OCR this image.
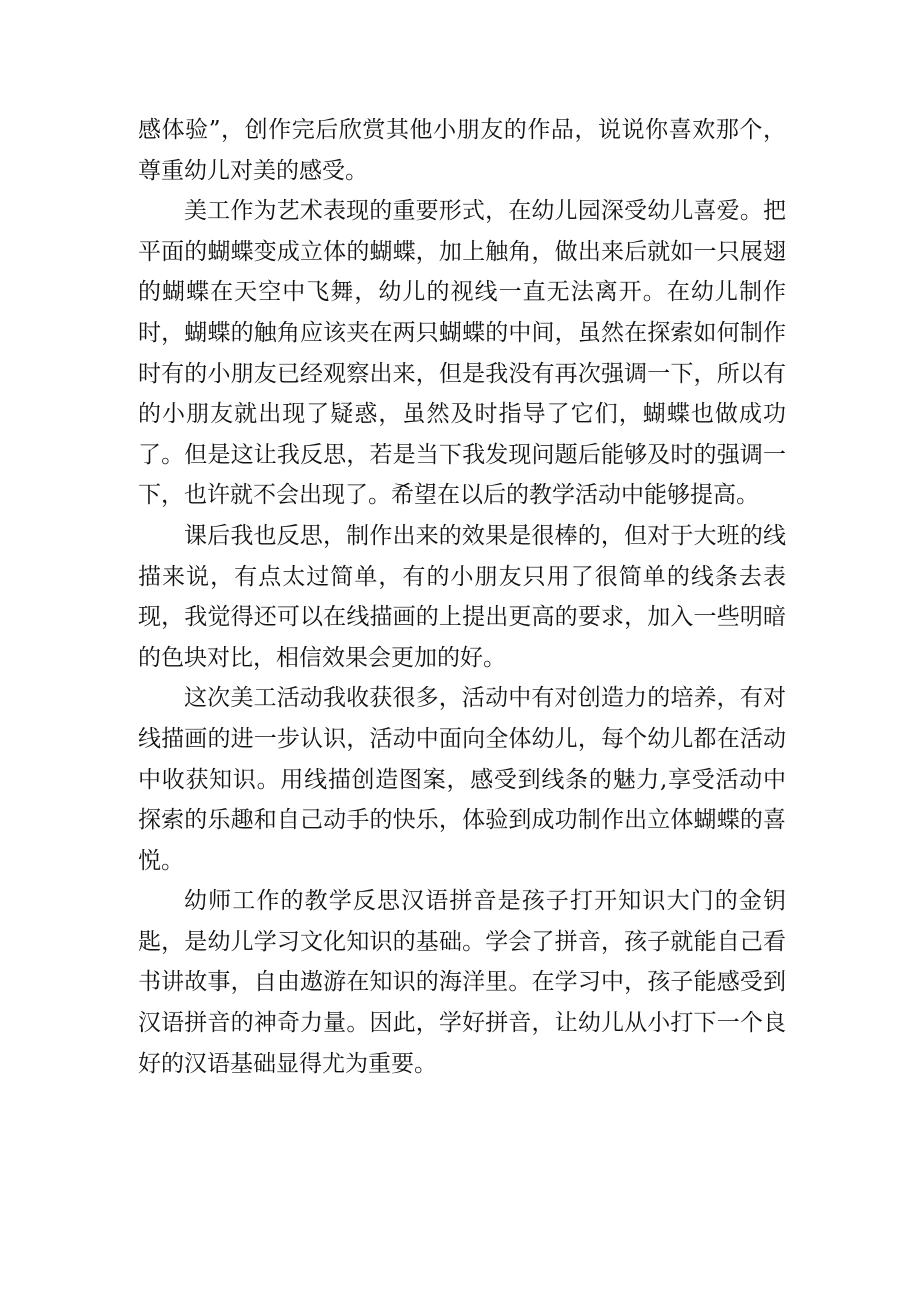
感体验”，创作完后欣赏其他小朋友的作品，说说你喜欢那个，尊重幼儿对美的感受。

美工作为艺术表现的重要形式，在幼儿园深受幼儿喜爱。把平面的蝴蝶变成立体的蝴蝶，加上触角，做出来后就如一只展翅的蝴蝶在天空中飞舞，幼儿的视线一直无法离开。在幼儿制作时，蝴蝶的触角应该夹在两只蝴蝶的中间，虽然在探索如何制作时有的小朋友已经观察出来，但是我没有再次强调一下，所以有的小朋友就出现了疑惑，虽然及时指导了它们，蝴蝶也做成功了。但是这让我反思，若是当下我发现问题后能够及时的强调一下，也许就不会出现了。希望在以后的教学活动中能够提高。

课后我也反思，制作出来的效果是很棒的，但对于大班的线描来说，有点太过简单，有的小朋友只用了很简单的线条去表现，我觉得还可以在线描画的上提出更高的要求，加入一些明暗的色块对比，相信效果会更加的好。

这次美工活动我收获很多，活动中有对创造力的培养，有对线描画的进一步认识，活动中面向全体幼儿，每个幼儿都在活动中收获知识。用线描创造图案，感受到线条的魅力,享受活动中探索的乐趣和自己动手的快乐，体验到成功制作出立体蝴蝶的喜悦。

幼师工作的教学反思汉语拼音是孩子打开知识大门的金钥匙，是幼儿学习文化知识的基础。学会了拼音，孩子就能自己看书讲故事，自由遨游在知识的海洋里。在学习中，孩子能感受到汉语拼音的神奇力量。因此，学好拼音，让幼儿从小打下一个良好的汉语基础显得尤为重要。
